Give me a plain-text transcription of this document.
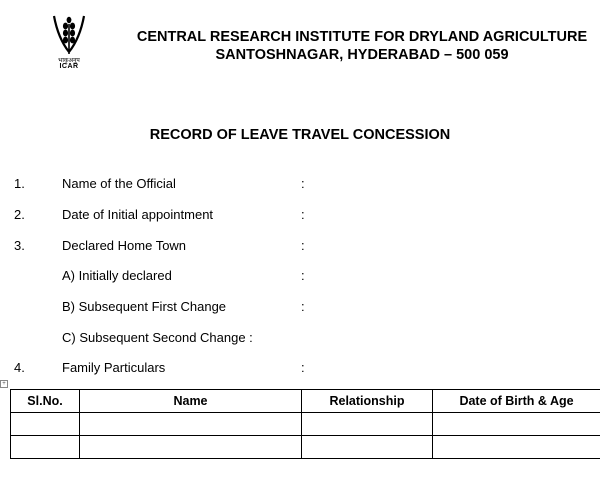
भाकृअनुप
ICAR
CENTRAL RESEARCH INSTITUTE FOR DRYLAND AGRICULTURE
SANTOSHNAGAR, HYDERABAD – 500 059
RECORD OF LEAVE TRAVEL CONCESSION
1.	Name of the Official	:
2.	Date of Initial appointment	:
3.	Declared Home Town	:
A) Initially declared	:
B) Subsequent First Change	:
C) Subsequent Second Change :
4.	Family Particulars	:
+
Sl.No.	Name	Relationship	Date of Birth & Age
